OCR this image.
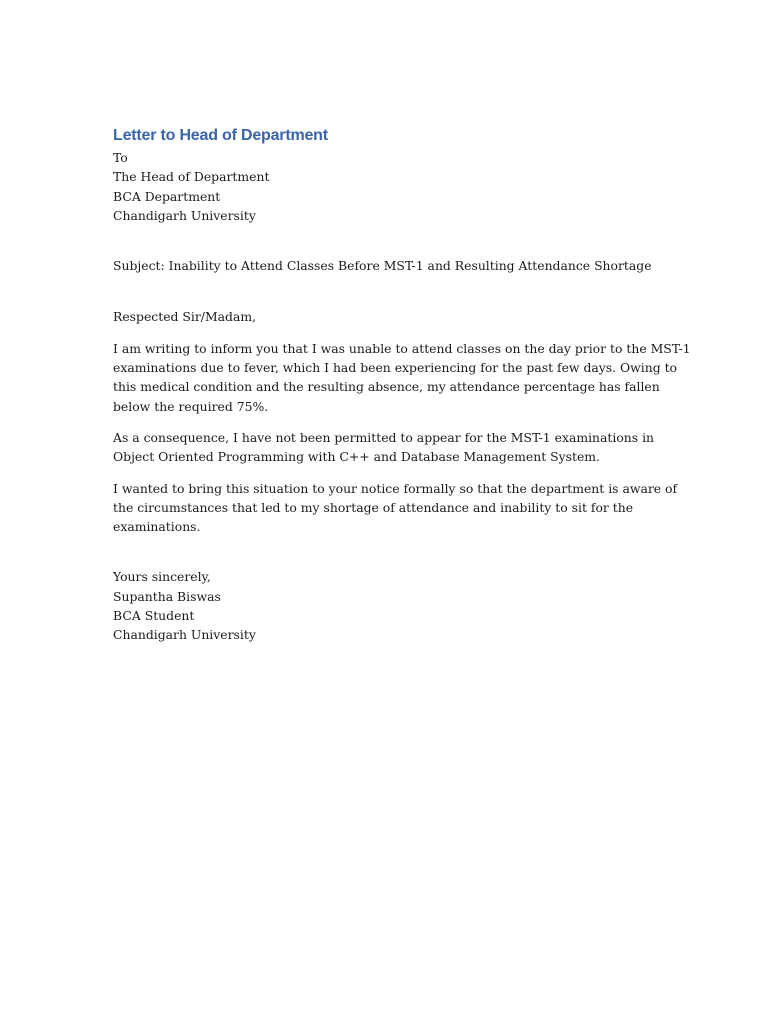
Letter to Head of Department
To
The Head of Department
BCA Department
Chandigarh University
Subject: Inability to Attend Classes Before MST-1 and Resulting Attendance Shortage
Respected Sir/Madam,
I am writing to inform you that I was unable to attend classes on the day prior to the MST-1
examinations due to fever, which I had been experiencing for the past few days. Owing to
this medical condition and the resulting absence, my attendance percentage has fallen
below the required 75%.
As a consequence, I have not been permitted to appear for the MST-1 examinations in
Object Oriented Programming with C++ and Database Management System.
I wanted to bring this situation to your notice formally so that the department is aware of
the circumstances that led to my shortage of attendance and inability to sit for the
examinations.
Yours sincerely,
Supantha Biswas
BCA Student
Chandigarh University
